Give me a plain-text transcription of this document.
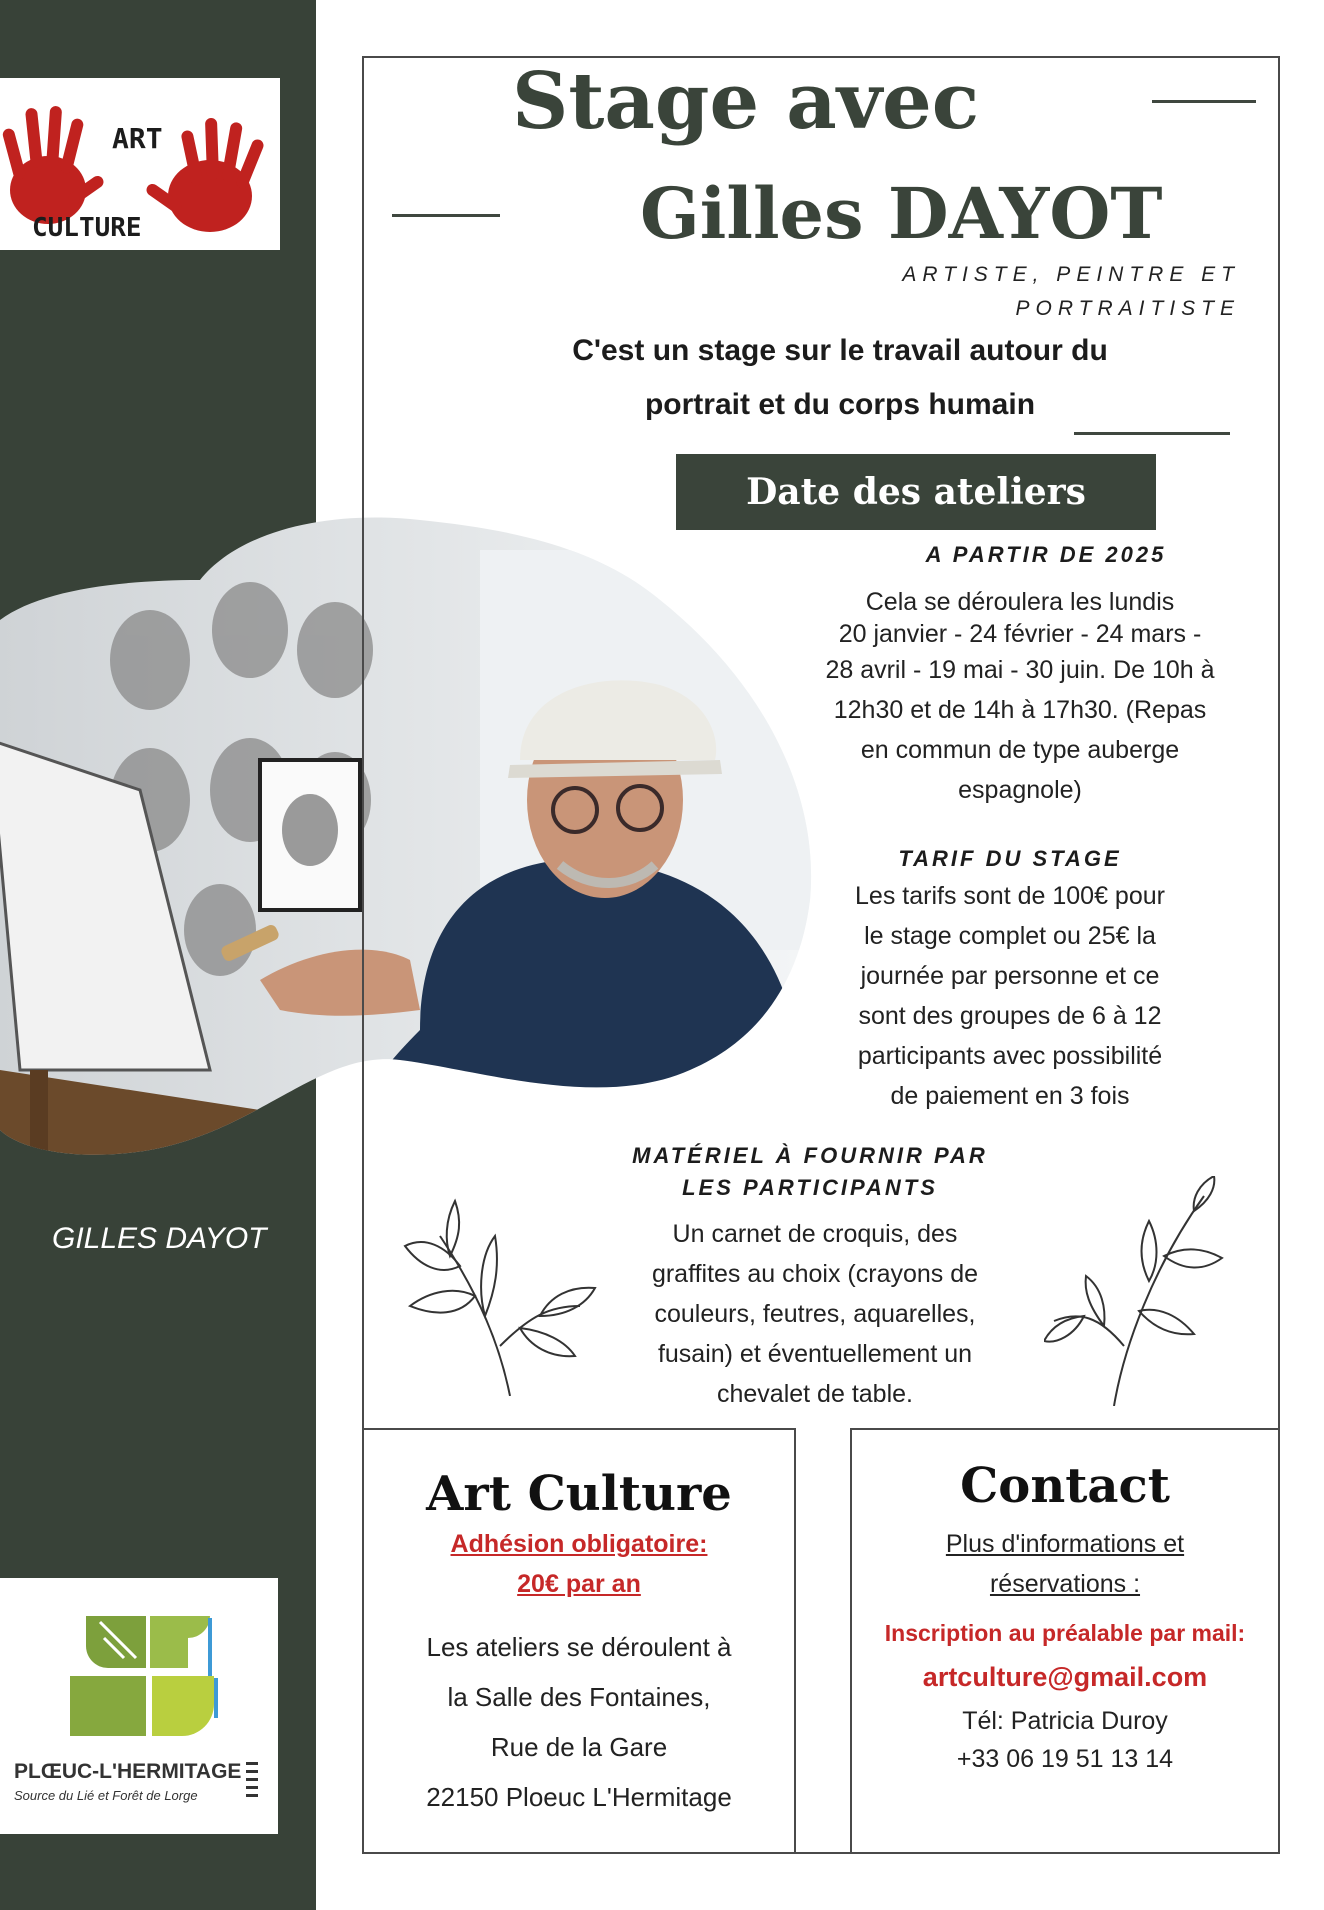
ART
CULTURE
PLŒUC-L'HERMITAGE
Source du Lié et Forêt de Lorge
GILLES DAYOT
Stage avec
Gilles DAYOT
ARTISTE, PEINTRE ET
PORTRAITISTE
C'est un stage sur le travail autour du
portrait et du corps humain
Date des ateliers
A PARTIR DE 2025
Cela se déroulera les lundis
20 janvier - 24 février - 24 mars -
28 avril - 19 mai - 30 juin. De 10h à
12h30 et de 14h à 17h30. (Repas
en commun de type auberge
espagnole)
TARIF DU STAGE
Les tarifs sont de 100€ pour
le stage complet ou 25€ la
journée par personne et ce
sont des groupes de 6 à 12
participants avec possibilité
de paiement en 3 fois
MATÉRIEL À FOURNIR PAR
LES PARTICIPANTS
Un carnet de croquis, des
graffites au choix (crayons de
couleurs, feutres, aquarelles,
fusain) et éventuellement un
chevalet de table.
Art Culture
Adhésion obligatoire:
20€ par an
Les ateliers se déroulent à
la Salle des Fontaines,
Rue de la Gare
22150 Ploeuc L'Hermitage
Contact
Plus d'informations et
réservations :
Inscription au préalable par mail:
artculture@gmail.com
Tél: Patricia Duroy
+33 06 19 51 13 14
